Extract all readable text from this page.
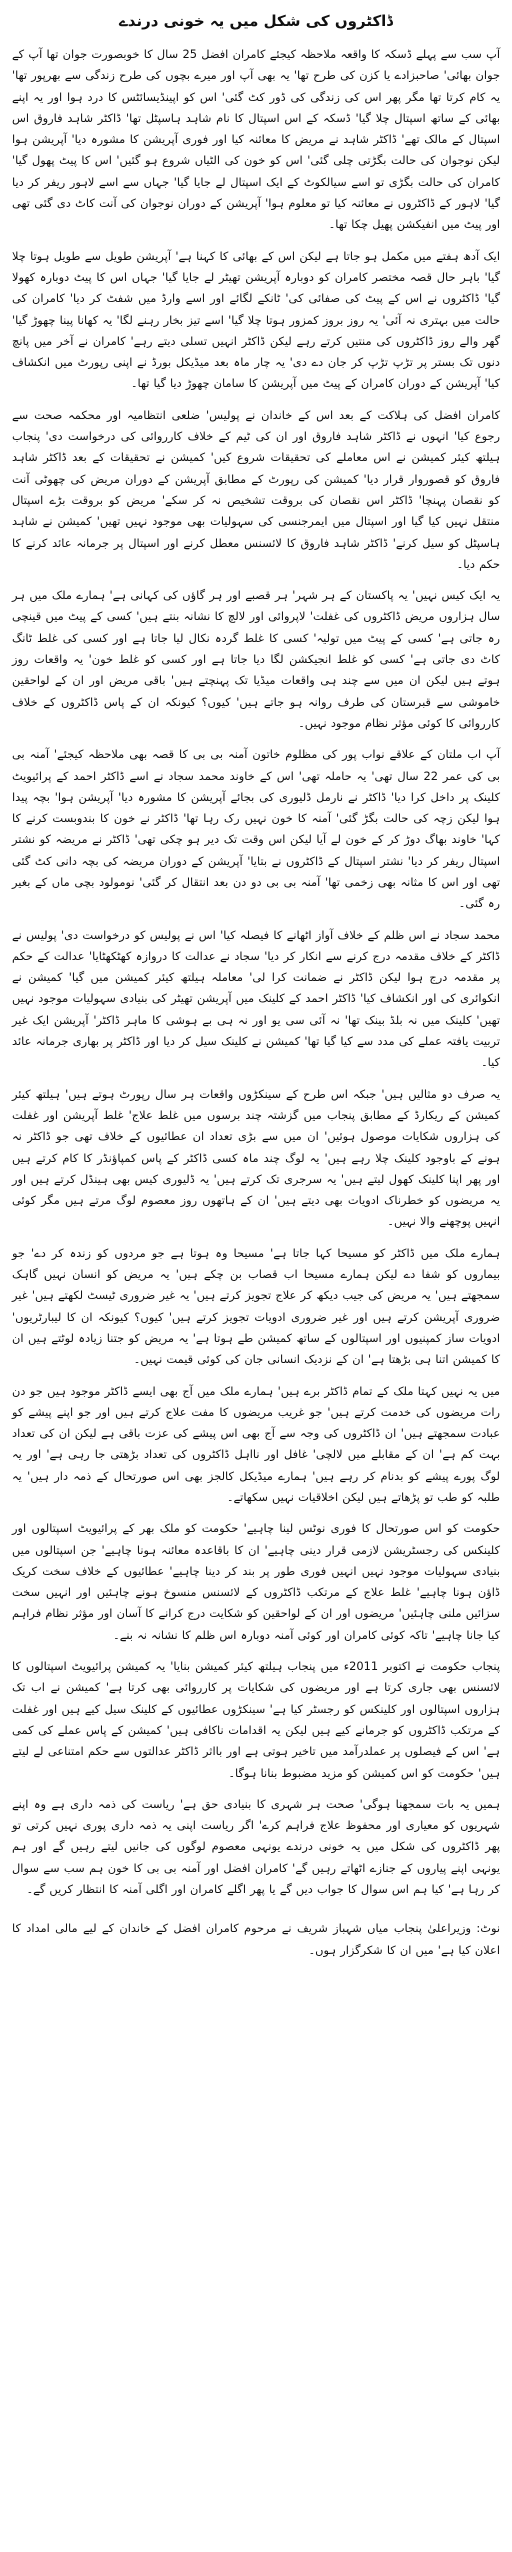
ڈاکٹروں کی شکل میں یہ خونی درندے

آپ سب سے پہلے ڈسکہ کا واقعہ ملاحظہ کیجئے کامران افضل 25 سال کا خوبصورت جوان تھا آپ کے جوان بھائی' صاحبزادے یا کزن کی طرح تھا' یہ بھی آپ اور میرے بچوں کی طرح زندگی سے بھرپور تھا' یہ کام کرتا تھا مگر پھر اس کی زندگی کی ڈور کٹ گئی' اس کو اپینڈیسائٹس کا درد ہوا اور یہ اپنے بھائی کے ساتھ اسپتال چلا گیا' ڈسکہ کے اس اسپتال کا نام شاہد ہاسپٹل تھا' ڈاکٹر شاہد فاروق اس اسپتال کے مالک تھے' ڈاکٹر شاہد نے مریض کا معائنہ کیا اور فوری آپریشن کا مشورہ دیا' آپریشن ہوا لیکن نوجوان کی حالت بگڑتی چلی گئی' اس کو خون کی الٹیاں شروع ہو گئیں' اس کا پیٹ پھول گیا' کامران کی حالت بگڑی تو اسے سیالکوٹ کے ایک اسپتال لے جایا گیا' جہاں سے اسے لاہور ریفر کر دیا گیا' لاہور کے ڈاکٹروں نے معائنہ کیا تو معلوم ہوا' آپریشن کے دوران نوجوان کی آنت کاٹ دی گئی تھی اور پیٹ میں انفیکشن پھیل چکا تھا۔

ایک آدھ ہفتے میں مکمل ہو جاتا ہے لیکن اس کے بھائی کا کہنا ہے' آپریشن طویل سے طویل ہوتا چلا گیا' باہر حال قصہ مختصر کامران کو دوبارہ آپریشن تھیٹر لے جایا گیا' جہاں اس کا پیٹ دوبارہ کھولا گیا' ڈاکٹروں نے اس کے پیٹ کی صفائی کی' ٹانکے لگائے اور اسے وارڈ میں شفٹ کر دیا' کامران کی حالت میں بہتری نہ آئی' یہ روز بروز کمزور ہوتا چلا گیا' اسے تیز بخار رہنے لگا' یہ کھانا پینا چھوڑ گیا' گھر والے روز ڈاکٹروں کی منتیں کرتے رہے لیکن ڈاکٹر انہیں تسلی دیتے رہے' کامران نے آخر میں پانچ دنوں تک بستر پر تڑپ تڑپ کر جان دے دی' یہ چار ماہ بعد میڈیکل بورڈ نے اپنی رپورٹ میں انکشاف کیا' آپریشن کے دوران کامران کے پیٹ میں آپریشن کا سامان چھوڑ دیا گیا تھا۔

کامران افضل کی ہلاکت کے بعد اس کے خاندان نے پولیس' ضلعی انتظامیہ اور محکمہ صحت سے رجوع کیا' انہوں نے ڈاکٹر شاہد فاروق اور ان کی ٹیم کے خلاف کارروائی کی درخواست دی' پنجاب ہیلتھ کیئر کمیشن نے اس معاملے کی تحقیقات شروع کیں' کمیشن نے تحقیقات کے بعد ڈاکٹر شاہد فاروق کو قصوروار قرار دیا' کمیشن کی رپورٹ کے مطابق آپریشن کے دوران مریض کی چھوٹی آنت کو نقصان پہنچا' ڈاکٹر اس نقصان کی بروقت تشخیص نہ کر سکے' مریض کو بروقت بڑے اسپتال منتقل نہیں کیا گیا اور اسپتال میں ایمرجنسی کی سہولیات بھی موجود نہیں تھیں' کمیشن نے شاہد ہاسپٹل کو سیل کرنے' ڈاکٹر شاہد فاروق کا لائسنس معطل کرنے اور اسپتال پر جرمانہ عائد کرنے کا حکم دیا۔

یہ ایک کیس نہیں' یہ پاکستان کے ہر شہر' ہر قصبے اور ہر گاؤں کی کہانی ہے' ہمارے ملک میں ہر سال ہزاروں مریض ڈاکٹروں کی غفلت' لاپروائی اور لالچ کا نشانہ بنتے ہیں' کسی کے پیٹ میں قینچی رہ جاتی ہے' کسی کے پیٹ میں تولیہ' کسی کا غلط گردہ نکال لیا جاتا ہے اور کسی کی غلط ٹانگ کاٹ دی جاتی ہے' کسی کو غلط انجیکشن لگا دیا جاتا ہے اور کسی کو غلط خون' یہ واقعات روز ہوتے ہیں لیکن ان میں سے چند ہی واقعات میڈیا تک پہنچتے ہیں' باقی مریض اور ان کے لواحقین خاموشی سے قبرستان کی طرف روانہ ہو جاتے ہیں' کیوں؟ کیونکہ ان کے پاس ڈاکٹروں کے خلاف کارروائی کا کوئی مؤثر نظام موجود نہیں۔

آپ اب ملتان کے علاقے نواب پور کی مظلوم خاتون آمنہ بی بی کا قصہ بھی ملاحظہ کیجئے' آمنہ بی بی کی عمر 22 سال تھی' یہ حاملہ تھی' اس کے خاوند محمد سجاد نے اسے ڈاکٹر احمد کے پرائیویٹ کلینک پر داخل کرا دیا' ڈاکٹر نے نارمل ڈلیوری کی بجائے آپریشن کا مشورہ دیا' آپریشن ہوا' بچہ پیدا ہوا لیکن زچہ کی حالت بگڑ گئی' آمنہ کا خون نہیں رک رہا تھا' ڈاکٹر نے خون کا بندوبست کرنے کا کہا' خاوند بھاگ دوڑ کر کے خون لے آیا لیکن اس وقت تک دیر ہو چکی تھی' ڈاکٹر نے مریضہ کو نشتر اسپتال ریفر کر دیا' نشتر اسپتال کے ڈاکٹروں نے بتایا' آپریشن کے دوران مریضہ کی بچہ دانی کٹ گئی تھی اور اس کا مثانہ بھی زخمی تھا' آمنہ بی بی دو دن بعد انتقال کر گئی' نومولود بچی ماں کے بغیر رہ گئی۔

محمد سجاد نے اس ظلم کے خلاف آواز اٹھانے کا فیصلہ کیا' اس نے پولیس کو درخواست دی' پولیس نے ڈاکٹر کے خلاف مقدمہ درج کرنے سے انکار کر دیا' سجاد نے عدالت کا دروازہ کھٹکھٹایا' عدالت کے حکم پر مقدمہ درج ہوا لیکن ڈاکٹر نے ضمانت کرا لی' معاملہ ہیلتھ کیئر کمیشن میں گیا' کمیشن نے انکوائری کی اور انکشاف کیا' ڈاکٹر احمد کے کلینک میں آپریشن تھیٹر کی بنیادی سہولیات موجود نہیں تھیں' کلینک میں نہ بلڈ بینک تھا' نہ آئی سی یو اور نہ ہی بے ہوشی کا ماہر ڈاکٹر' آپریشن ایک غیر تربیت یافتہ عملے کی مدد سے کیا گیا تھا' کمیشن نے کلینک سیل کر دیا اور ڈاکٹر پر بھاری جرمانہ عائد کیا۔

یہ صرف دو مثالیں ہیں' جبکہ اس طرح کے سینکڑوں واقعات ہر سال رپورٹ ہوتے ہیں' ہیلتھ کیئر کمیشن کے ریکارڈ کے مطابق پنجاب میں گزشتہ چند برسوں میں غلط علاج' غلط آپریشن اور غفلت کی ہزاروں شکایات موصول ہوئیں' ان میں سے بڑی تعداد ان عطائیوں کے خلاف تھی جو ڈاکٹر نہ ہونے کے باوجود کلینک چلا رہے ہیں' یہ لوگ چند ماہ کسی ڈاکٹر کے پاس کمپاؤنڈر کا کام کرتے ہیں اور پھر اپنا کلینک کھول لیتے ہیں' یہ سرجری تک کرتے ہیں' یہ ڈلیوری کیس بھی ہینڈل کرتے ہیں اور یہ مریضوں کو خطرناک ادویات بھی دیتے ہیں' ان کے ہاتھوں روز معصوم لوگ مرتے ہیں مگر کوئی انہیں پوچھنے والا نہیں۔

ہمارے ملک میں ڈاکٹر کو مسیحا کہا جاتا ہے' مسیحا وہ ہوتا ہے جو مردوں کو زندہ کر دے' جو بیماروں کو شفا دے لیکن ہمارے مسیحا اب قصاب بن چکے ہیں' یہ مریض کو انسان نہیں گاہک سمجھتے ہیں' یہ مریض کی جیب دیکھ کر علاج تجویز کرتے ہیں' یہ غیر ضروری ٹیسٹ لکھتے ہیں' غیر ضروری آپریشن کرتے ہیں اور غیر ضروری ادویات تجویز کرتے ہیں' کیوں؟ کیونکہ ان کا لیبارٹریوں' ادویات ساز کمپنیوں اور اسپتالوں کے ساتھ کمیشن طے ہوتا ہے' یہ مریض کو جتنا زیادہ لوٹتے ہیں ان کا کمیشن اتنا ہی بڑھتا ہے' ان کے نزدیک انسانی جان کی کوئی قیمت نہیں۔

میں یہ نہیں کہتا ملک کے تمام ڈاکٹر برے ہیں' ہمارے ملک میں آج بھی ایسے ڈاکٹر موجود ہیں جو دن رات مریضوں کی خدمت کرتے ہیں' جو غریب مریضوں کا مفت علاج کرتے ہیں اور جو اپنے پیشے کو عبادت سمجھتے ہیں' ان ڈاکٹروں کی وجہ سے آج بھی اس پیشے کی عزت باقی ہے لیکن ان کی تعداد بہت کم ہے' ان کے مقابلے میں لالچی' غافل اور نااہل ڈاکٹروں کی تعداد بڑھتی جا رہی ہے' اور یہ لوگ پورے پیشے کو بدنام کر رہے ہیں' ہمارے میڈیکل کالجز بھی اس صورتحال کے ذمہ دار ہیں' یہ طلبہ کو طب تو پڑھاتے ہیں لیکن اخلاقیات نہیں سکھاتے۔

حکومت کو اس صورتحال کا فوری نوٹس لینا چاہیے' حکومت کو ملک بھر کے پرائیویٹ اسپتالوں اور کلینکس کی رجسٹریشن لازمی قرار دینی چاہیے' ان کا باقاعدہ معائنہ ہونا چاہیے' جن اسپتالوں میں بنیادی سہولیات موجود نہیں انہیں فوری طور پر بند کر دینا چاہیے' عطائیوں کے خلاف سخت کریک ڈاؤن ہونا چاہیے' غلط علاج کے مرتکب ڈاکٹروں کے لائسنس منسوخ ہونے چاہئیں اور انہیں سخت سزائیں ملنی چاہئیں' مریضوں اور ان کے لواحقین کو شکایت درج کرانے کا آسان اور مؤثر نظام فراہم کیا جانا چاہیے' تاکہ کوئی کامران اور کوئی آمنہ دوبارہ اس ظلم کا نشانہ نہ بنے۔

پنجاب حکومت نے اکتوبر 2011ء میں پنجاب ہیلتھ کیئر کمیشن بنایا' یہ کمیشن پرائیویٹ اسپتالوں کا لائسنس بھی جاری کرتا ہے اور مریضوں کی شکایات پر کارروائی بھی کرتا ہے' کمیشن نے اب تک ہزاروں اسپتالوں اور کلینکس کو رجسٹر کیا ہے' سینکڑوں عطائیوں کے کلینک سیل کیے ہیں اور غفلت کے مرتکب ڈاکٹروں کو جرمانے کیے ہیں لیکن یہ اقدامات ناکافی ہیں' کمیشن کے پاس عملے کی کمی ہے' اس کے فیصلوں پر عملدرآمد میں تاخیر ہوتی ہے اور بااثر ڈاکٹر عدالتوں سے حکم امتناعی لے لیتے ہیں' حکومت کو اس کمیشن کو مزید مضبوط بنانا ہوگا۔

ہمیں یہ بات سمجھنا ہوگی' صحت ہر شہری کا بنیادی حق ہے' ریاست کی ذمہ داری ہے وہ اپنے شہریوں کو معیاری اور محفوظ علاج فراہم کرے' اگر ریاست اپنی یہ ذمہ داری پوری نہیں کرتی تو پھر ڈاکٹروں کی شکل میں یہ خونی درندے یونہی معصوم لوگوں کی جانیں لیتے رہیں گے اور ہم یونہی اپنے پیاروں کے جنازے اٹھاتے رہیں گے' کامران افضل اور آمنہ بی بی کا خون ہم سب سے سوال کر رہا ہے' کیا ہم اس سوال کا جواب دیں گے یا پھر اگلے کامران اور اگلی آمنہ کا انتظار کریں گے۔

نوٹ: وزیراعلیٰ پنجاب میاں شہباز شریف نے مرحوم کامران افضل کے خاندان کے لیے مالی امداد کا اعلان کیا ہے' میں ان کا شکرگزار ہوں۔
